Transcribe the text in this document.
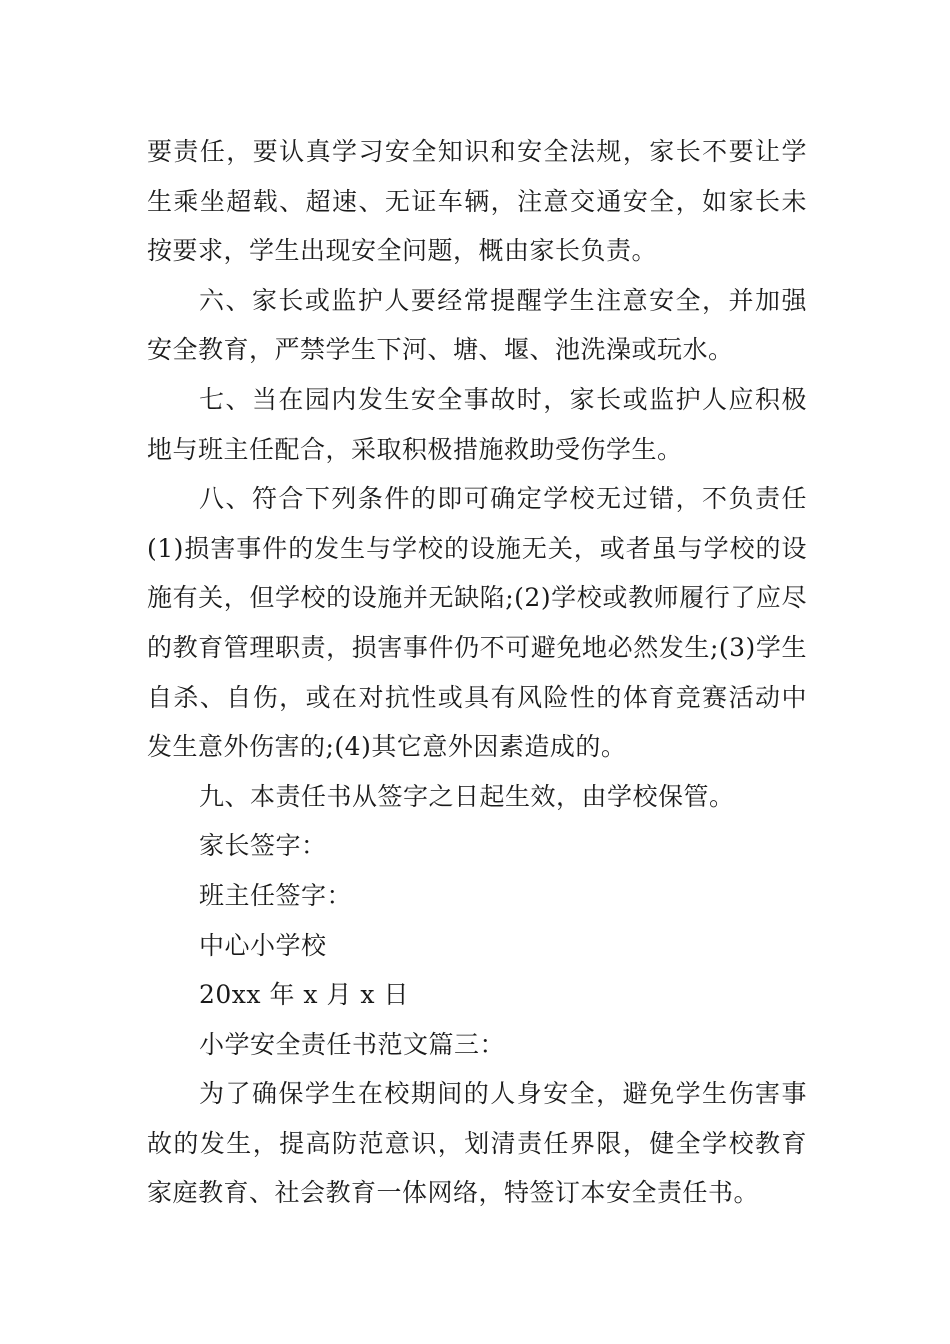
要责任，要认真学习安全知识和安全法规，家长不要让学生乘坐超载、超速、无证车辆，注意交通安全，如家长未按要求，学生出现安全问题，概由家长负责。

六、家长或监护人要经常提醒学生注意安全，并加强安全教育，严禁学生下河、塘、堰、池洗澡或玩水。

七、当在园内发生安全事故时，家长或监护人应积极地与班主任配合，采取积极措施救助受伤学生。

八、符合下列条件的即可确定学校无过错，不负责任(1)损害事件的发生与学校的设施无关，或者虽与学校的设施有关，但学校的设施并无缺陷;(2)学校或教师履行了应尽的教育管理职责，损害事件仍不可避免地必然发生;(3)学生自杀、自伤，或在对抗性或具有风险性的体育竞赛活动中发生意外伤害的;(4)其它意外因素造成的。

九、本责任书从签字之日起生效，由学校保管。

家长签字：

班主任签字：

中心小学校

20xx 年 x 月 x 日

小学安全责任书范文篇三：

为了确保学生在校期间的人身安全，避免学生伤害事故的发生，提高防范意识，划清责任界限，健全学校教育家庭教育、社会教育一体网络，特签订本安全责任书。
